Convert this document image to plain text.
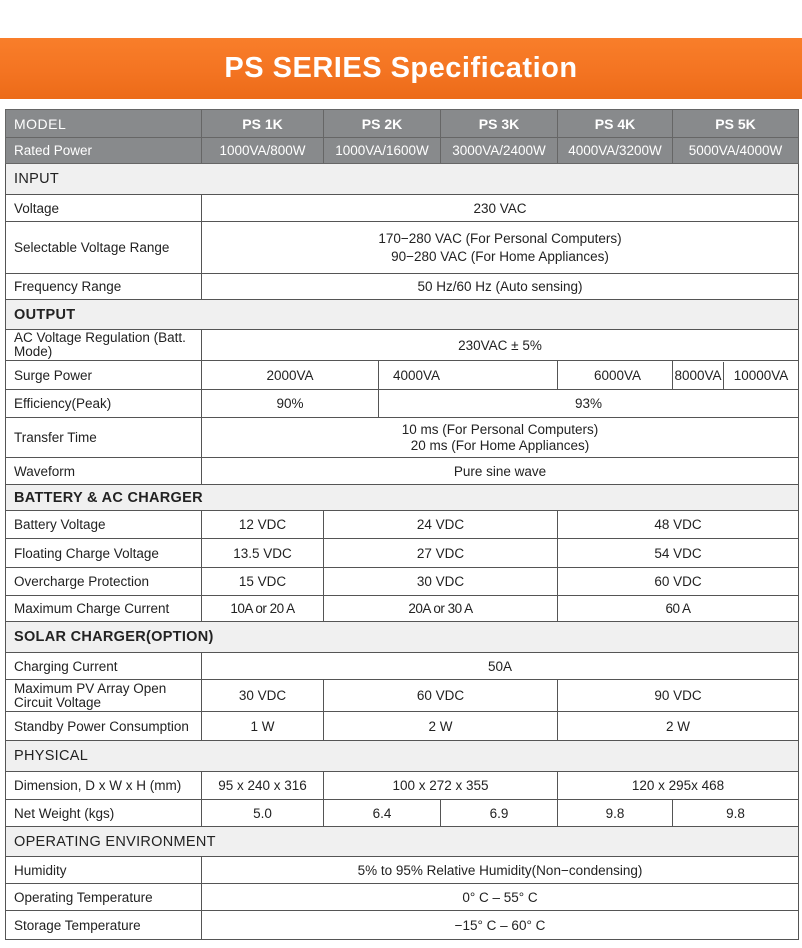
PS SERIES Specification
MODEL	PS 1K	PS 2K		PS 3K	PS 4K	PS 5K
Rated Power	1000VA/800W	1000VA/1600W		3000VA/2400W	4000VA/3200W	5000VA/4000W
INPUT						
Voltage	230 VAC					
Selectable Voltage Range	170−280 VAC (For Personal Computers)
90−280 VAC (For Home Appliances)					

Frequency Range	50 Hz/60 Hz (Auto sensing)					
OUTPUT						
AC Voltage Regulation (Batt. Mode)	230VAC ± 5%					
Surge Power	2000VA		4000VA		6000VA	8000VA 10000VA
Efficiency(Peak)	90%		93%			
Transfer Time	10 ms (For Personal Computers)
20 ms (For Home Appliances)					

Waveform	Pure sine wave					
BATTERY & AC CHARGER						
Battery Voltage	12 VDC	24 VDC			48 VDC	
Floating Charge Voltage	13.5 VDC	27 VDC			54 VDC	
Overcharge Protection	15 VDC	30 VDC			60 VDC	
Maximum Charge Current	10A or 20 A	20A or 30 A			60 A	
SOLAR CHARGER(OPTION)						
Charging Current	50A					
Maximum PV Array Open Circuit Voltage	30 VDC	60 VDC			90 VDC	
Standby Power Consumption	1 W	2 W			2 W	
PHYSICAL						
Dimension, D x W x H (mm)	95 x 240 x 316	100 x 272 x 355			120 x 295x 468	
Net Weight (kgs)	5.0	6.4		6.9	9.8	9.8
OPERATING ENVIRONMENT						
Humidity	5% to 95% Relative Humidity(Non−condensing)					
Operating Temperature	0° C – 55° C					
Storage Temperature	−15° C – 60° C					
